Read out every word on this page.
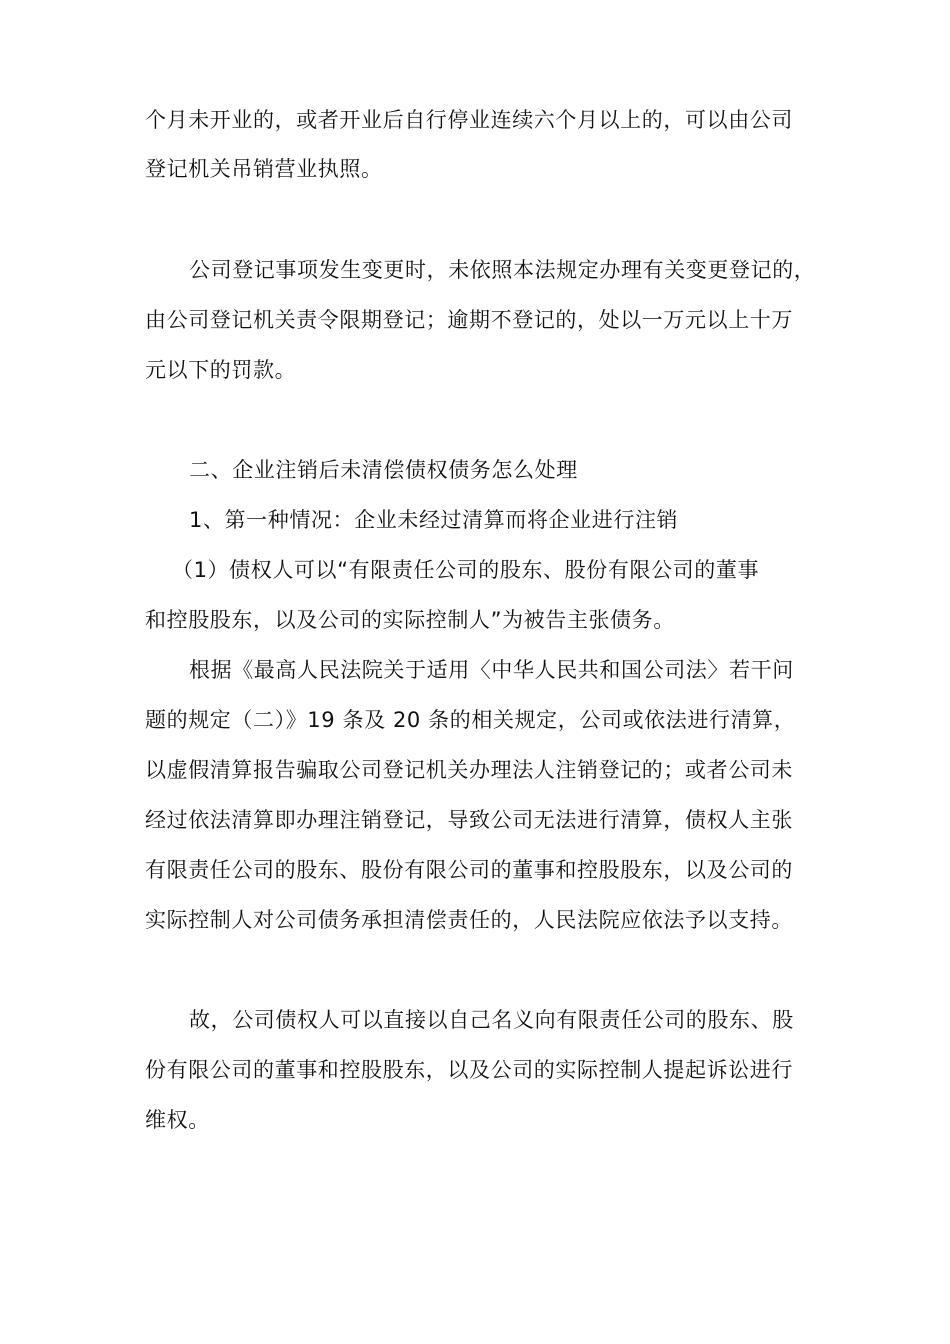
个月未开业的，或者开业后自行停业连续六个月以上的，可以由公司
登记机关吊销营业执照。
公司登记事项发生变更时，未依照本法规定办理有关变更登记的，
由公司登记机关责令限期登记；逾期不登记的，处以一万元以上十万
元以下的罚款。
二、企业注销后未清偿债权债务怎么处理
1、第一种情况：企业未经过清算而将企业进行注销
（1）债权人可以“有限责任公司的股东、股份有限公司的董事
和控股股东，以及公司的实际控制人”为被告主张债务。
根据《最高人民法院关于适用〈中华人民共和国公司法〉若干问
题的规定（二）》19 条及 20 条的相关规定，公司或依法进行清算，
以虚假清算报告骗取公司登记机关办理法人注销登记的；或者公司未
经过依法清算即办理注销登记，导致公司无法进行清算，债权人主张
有限责任公司的股东、股份有限公司的董事和控股股东，以及公司的
实际控制人对公司债务承担清偿责任的，人民法院应依法予以支持。
故，公司债权人可以直接以自己名义向有限责任公司的股东、股
份有限公司的董事和控股股东，以及公司的实际控制人提起诉讼进行
维权。
